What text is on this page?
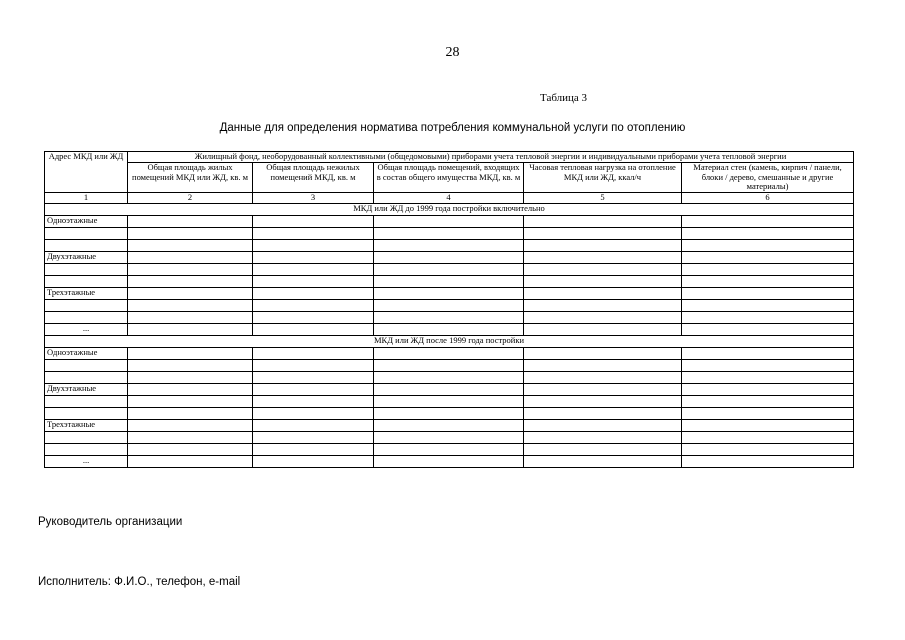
28
Таблица 3
Данные для определения норматива потребления коммунальной услуги по отоплению
Адрес МКД или ЖД	Жилищный фонд, необорудованный коллективными (общедомовыми) приборами учета тепловой энергии и индивидуальными приборами учета тепловой энергии				
	Общая площадь жилых помещений МКД или ЖД, кв. м	Общая площадь нежилых помещений МКД, кв. м	Общая площадь помещений, входящих в состав общего имущества МКД, кв. м	Часовая тепловая нагрузка на отопление МКД или ЖД, ккал/ч	Материал стен (камень, кирпич / панели, блоки / дерево, смешанные и другие материалы)
1	2	3	4	5	6
МКД или ЖД до 1999 года постройки включительно					
Одноэтажные					

Двухэтажные					

Трехэтажные					

...					
МКД или ЖД после 1999 года постройки					
Одноэтажные					

Двухэтажные					

Трехэтажные					

...					
Руководитель организации
Исполнитель: Ф.И.О., телефон, e-mail
